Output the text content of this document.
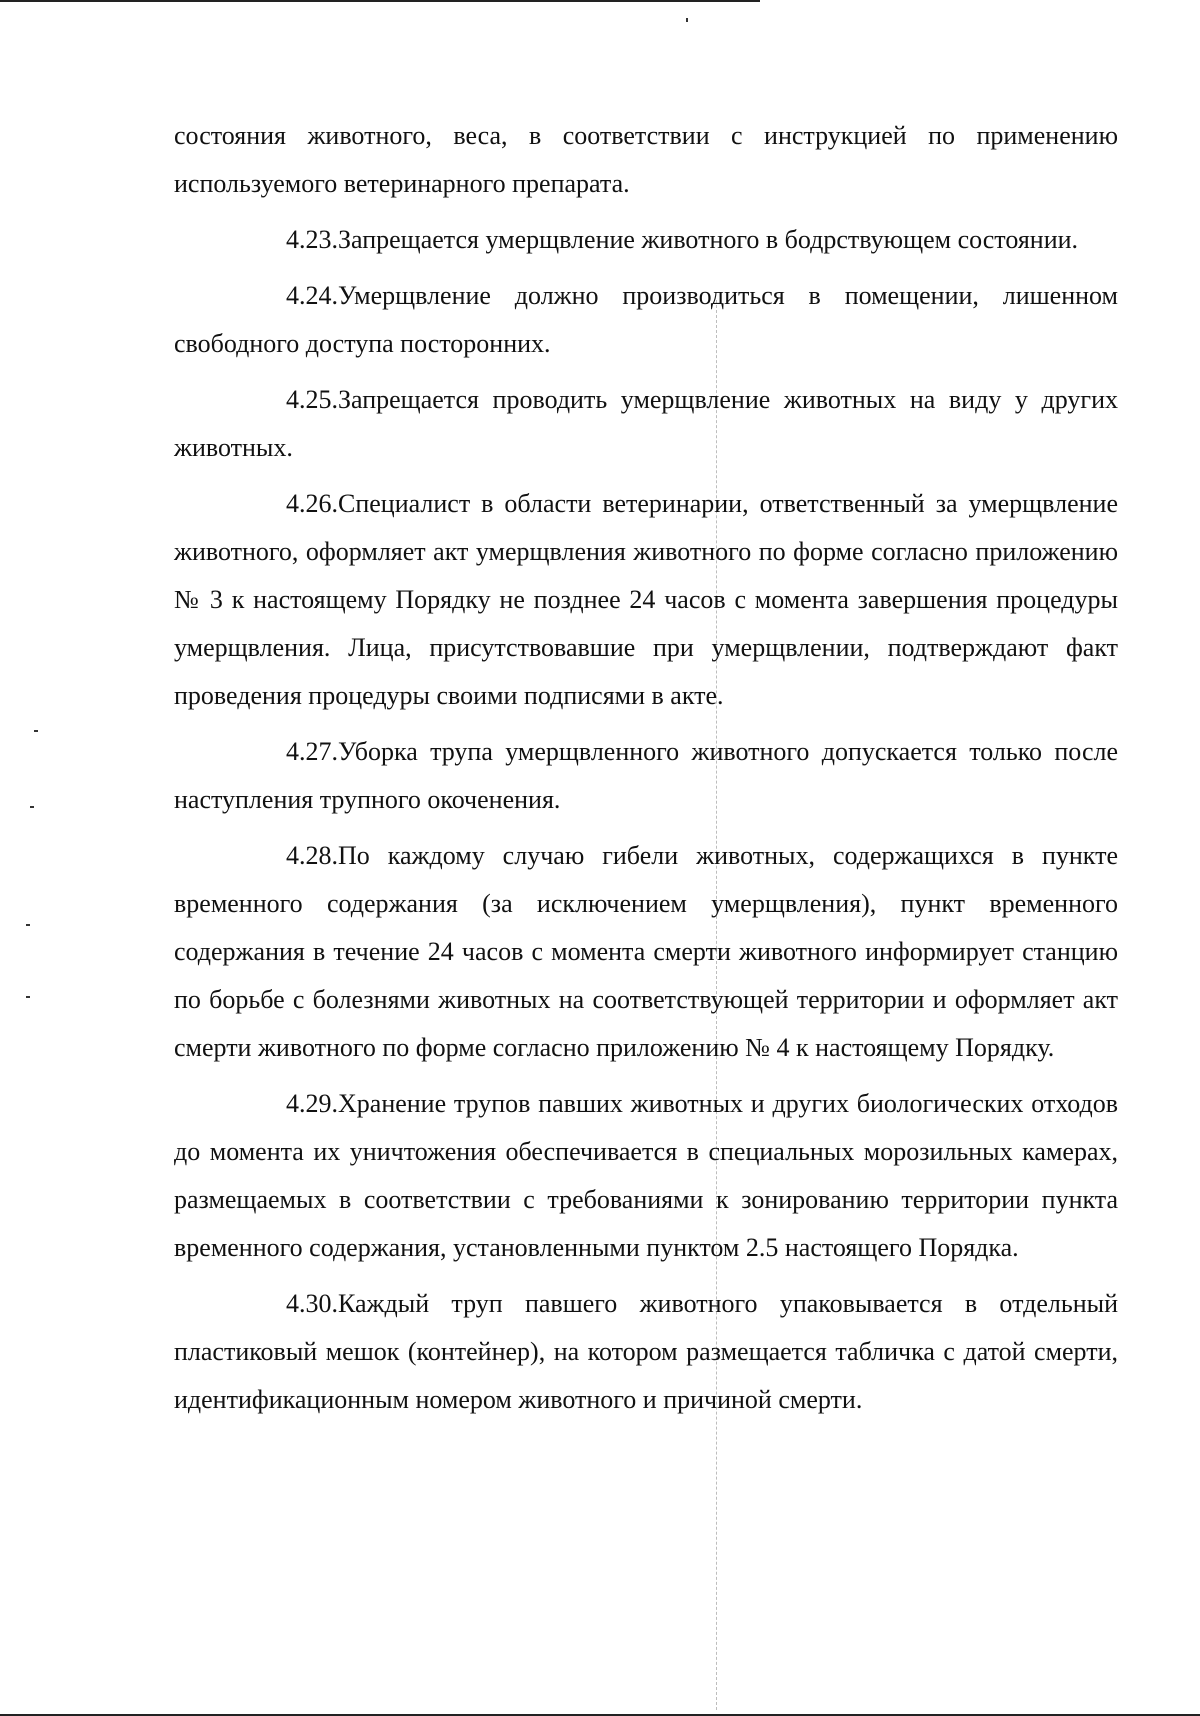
состояния животного, веса, в соответствии с инструкцией по применению используемого ветеринарного препарата.

4.23.Запрещается умерщвление животного в бодрствующем состоянии.

4.24.Умерщвление должно производиться в помещении, лишенном свободного доступа посторонних.

4.25.Запрещается проводить умерщвление животных на виду у других животных.

4.26.Специалист в области ветеринарии, ответственный за умерщвление животного, оформляет акт умерщвления животного по форме согласно приложению № 3 к настоящему Порядку не позднее 24 часов с момента завершения процедуры умерщвления. Лица, присутствовавшие при умерщвлении, подтверждают факт проведения процедуры своими подписями в акте.

4.27.Уборка трупа умерщвленного животного допускается только после наступления трупного окоченения.

4.28.По каждому случаю гибели животных, содержащихся в пункте временного содержания (за исключением умерщвления), пункт временного содержания в течение 24 часов с момента смерти животного информирует станцию по борьбе с болезнями животных на соответствующей территории и оформляет акт смерти животного по форме согласно приложению № 4 к настоящему Порядку.

4.29.Хранение трупов павших животных и других биологических отходов до момента их уничтожения обеспечивается в специальных морозильных камерах, размещаемых в соответствии с требованиями к зонированию территории пункта временного содержания, установленными пунктом 2.5 настоящего Порядка.

4.30.Каждый труп павшего животного упаковывается в отдельный пластиковый мешок (контейнер), на котором размещается табличка с датой смерти, идентификационным номером животного и причиной смерти.
